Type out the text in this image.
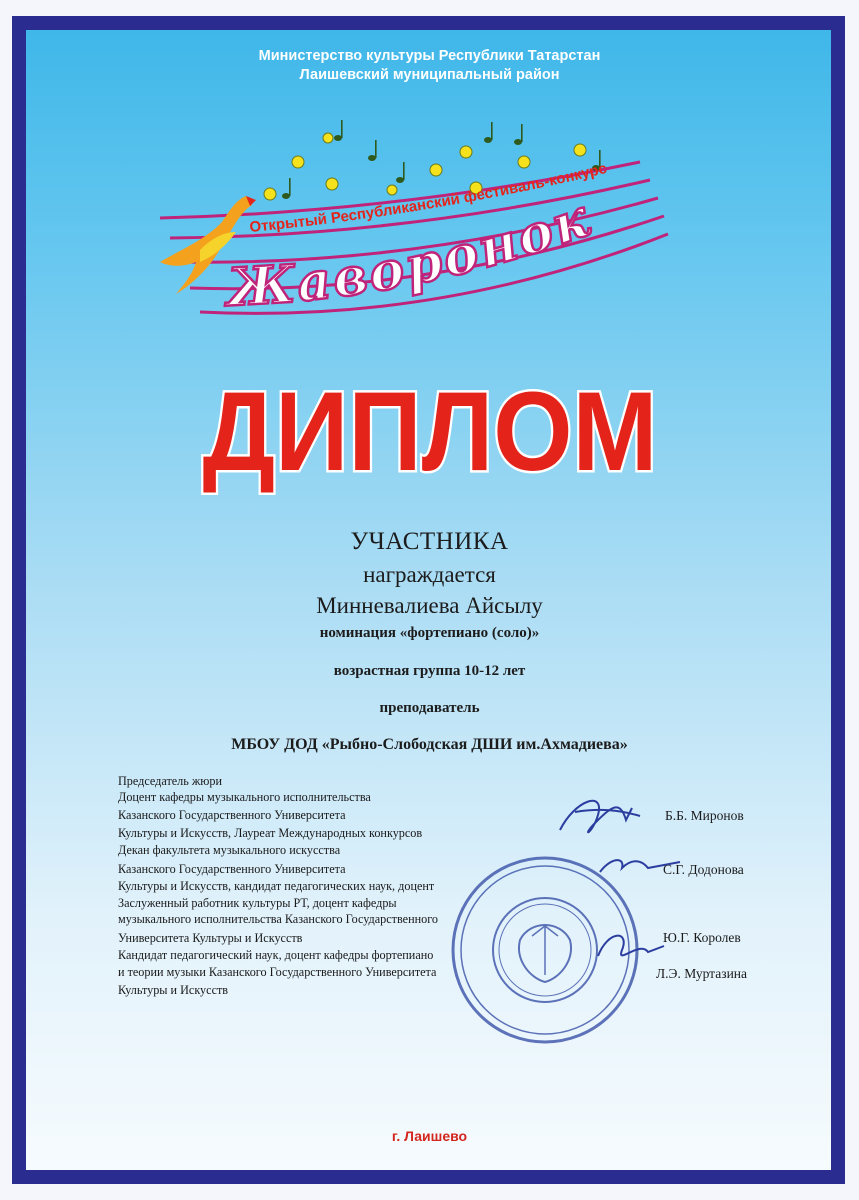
Министерство культуры Республики Татарстан
Лаишевский муниципальный район
Открытый Республиканский фестиваль-конкурс
Жаворонок
ДИПЛОМ
УЧАСТНИКА
награждается
Минневалиева Айсылу
номинация «фортепиано (соло)»
возрастная группа 10-12 лет
преподаватель
МБОУ ДОД «Рыбно-Слободская ДШИ им.Ахмадиева»
Председатель жюри
Доцент кафедры музыкального исполнительства
Казанского Государственного Университета
Культуры и Искусств, Лауреат Международных конкурсов
Декан факультета музыкального искусства
Казанского Государственного Университета
Культуры и Искусств, кандидат педагогических наук, доцент
Заслуженный работник культуры РТ, доцент кафедры
музыкального исполнительства Казанского Государственного
Университета Культуры и Искусств
Кандидат педагогический наук, доцент кафедры фортепиано
и теории музыки Казанского Государственного Университета
Культуры и Искусств
Б.Б. Миронов
С.Г. Додонова
Ю.Г. Королев
Л.Э. Муртазина
г. Лаишево
